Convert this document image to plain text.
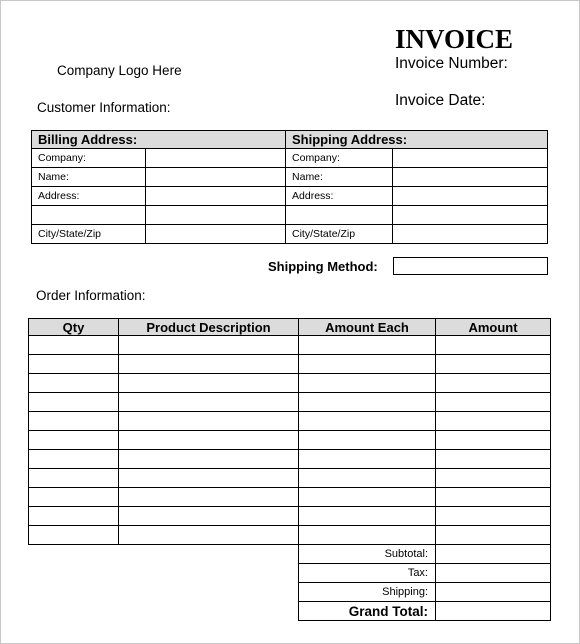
INVOICE
Company Logo Here	Invoice Number:
Invoice Date:
Customer Information:
Billing Address:		Shipping Address:	
Company:		Company:	
Name:		Name:	
Address:		Address:	

City/State/Zip		City/State/Zip	
Shipping Method:
Order Information:
Qty	Product Description	Amount Each	Amount

Subtotal:	
Tax:	
Shipping:	
Grand Total:	
